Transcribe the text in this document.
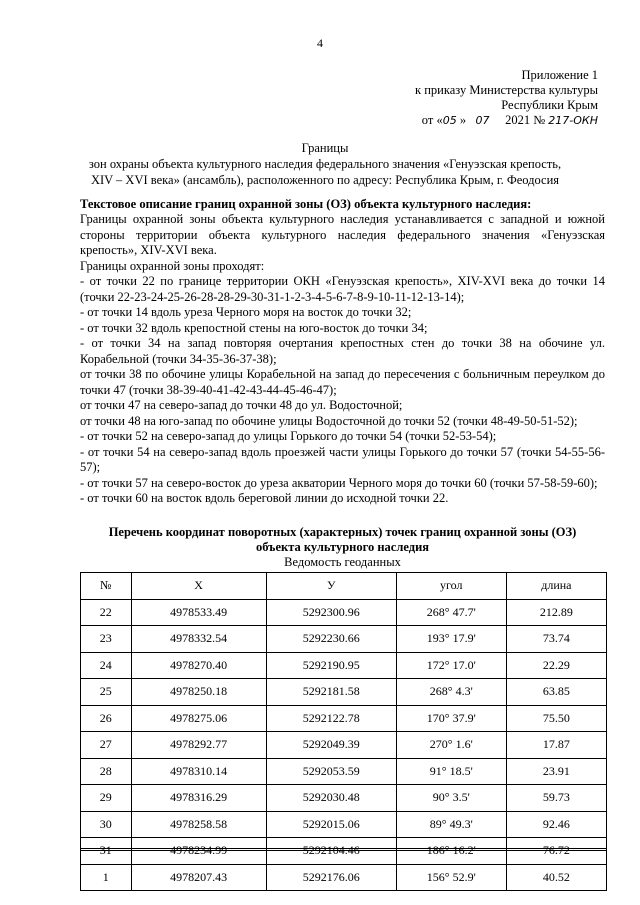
4
Приложение 1
к приказу Министерства культуры
Республики Крым
от «05 »   07 2021 № 217-ОКН
Границы
зон охраны объекта культурного наследия федерального значения «Генуэзская крепость,
XIV – XVI века» (ансамбль), расположенного по адресу: Республика Крым, г. Феодосия
Текстовое описание границ охранной зоны (ОЗ) объекта культурного наследия:

Границы охранной зоны объекта культурного наследия устанавливается с западной и южной стороны территории объекта культурного наследия федерального значения «Генуэзская крепость», XIV-XVI века.

Границы охранной зоны проходят:

- от точки 22 по границе территории ОКН «Генуэзская крепость», XIV-XVI века до точки 14 (точки 22-23-24-25-26-28-28-29-30-31-1-2-3-4-5-6-7-8-9-10-11-12-13-14);

- от точки 14 вдоль уреза Черного моря на восток до точки 32;

- от точки 32 вдоль крепостной стены на юго-восток до точки 34;

- от точки 34 на запад повторяя очертания крепостных стен до точки 38 на обочине ул. Корабельной (точки 34-35-36-37-38);

от точки 38 по обочине улицы Корабельной на запад до пересечения с больничным переулком до точки 47 (точки 38-39-40-41-42-43-44-45-46-47);

от точки 47 на северо-запад до точки 48 до ул. Водосточной;

от точки 48 на юго-запад по обочине улицы Водосточной до точки 52 (точки 48-49-50-51-52);

- от точки 52 на северо-запад до улицы Горького до точки 54 (точки 52-53-54);

- от точки 54 на северо-запад вдоль проезжей части улицы Горького до точки 57 (точки 54-55-56-57);

- от точки 57 на северо-восток до уреза акватории Черного моря до точки 60 (точки 57-58-59-60);

- от точки 60 на восток вдоль береговой линии до исходной точки 22.

Перечень координат поворотных (характерных) точек границ охранной зоны (ОЗ)
объекта культурного наследия
Ведомость геоданных
№	X	У	угол	длина
22	4978533.49	5292300.96	268° 47.7'	212.89
23	4978332.54	5292230.66	193° 17.9'	73.74
24	4978270.40	5292190.95	172° 17.0'	22.29
25	4978250.18	5292181.58	268° 4.3'	63.85
26	4978275.06	5292122.78	170° 37.9'	75.50
27	4978292.77	5292049.39	270° 1.6'	17.87
28	4978310.14	5292053.59	91° 18.5'	23.91
29	4978316.29	5292030.48	90° 3.5'	59.73
30	4978258.58	5292015.06	89° 49.3'	92.46
31	4978234.99	5292104.46	186° 16.2'	76.72
1	4978207.43	5292176.06	156° 52.9'	40.52
